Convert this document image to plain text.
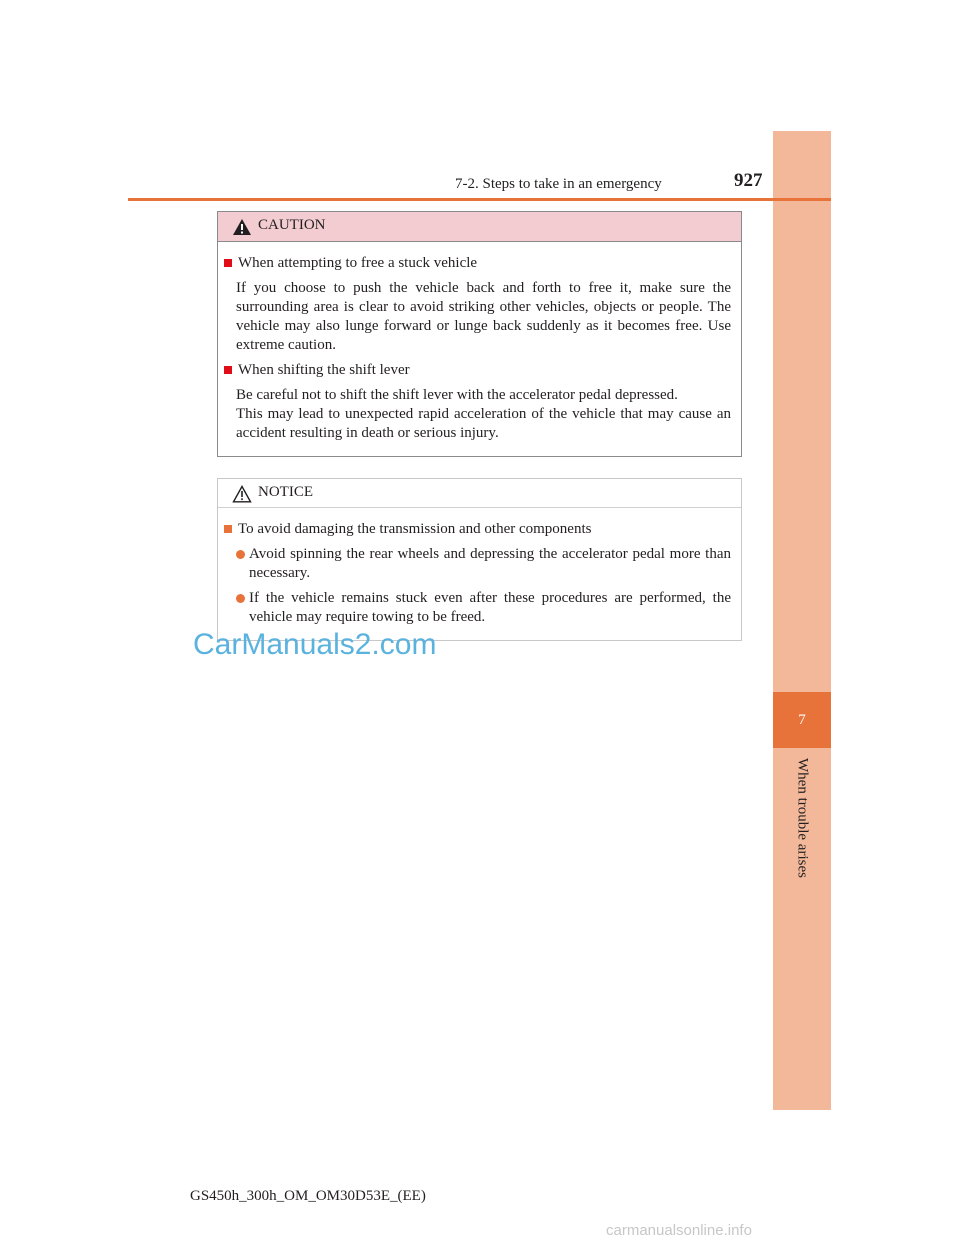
7
When trouble arises
7-2. Steps to take in an emergency	927
CAUTION
When attempting to free a stuck vehicle
If you choose to push the vehicle back and forth to free it, make sure the surrounding area is clear to avoid striking other vehicles, objects or people. The vehicle may also lunge forward or lunge back suddenly as it becomes free. Use extreme caution.
When shifting the shift lever
Be careful not to shift the shift lever with the accelerator pedal depressed.
This may lead to unexpected rapid acceleration of the vehicle that may cause an accident resulting in death or serious injury.
NOTICE
To avoid damaging the transmission and other components
Avoid spinning the rear wheels and depressing the accelerator pedal more than necessary.
If the vehicle remains stuck even after these procedures are performed, the vehicle may require towing to be freed.
CarManuals2.com
GS450h_300h_OM_OM30D53E_(EE)
carmanualsonline.info
